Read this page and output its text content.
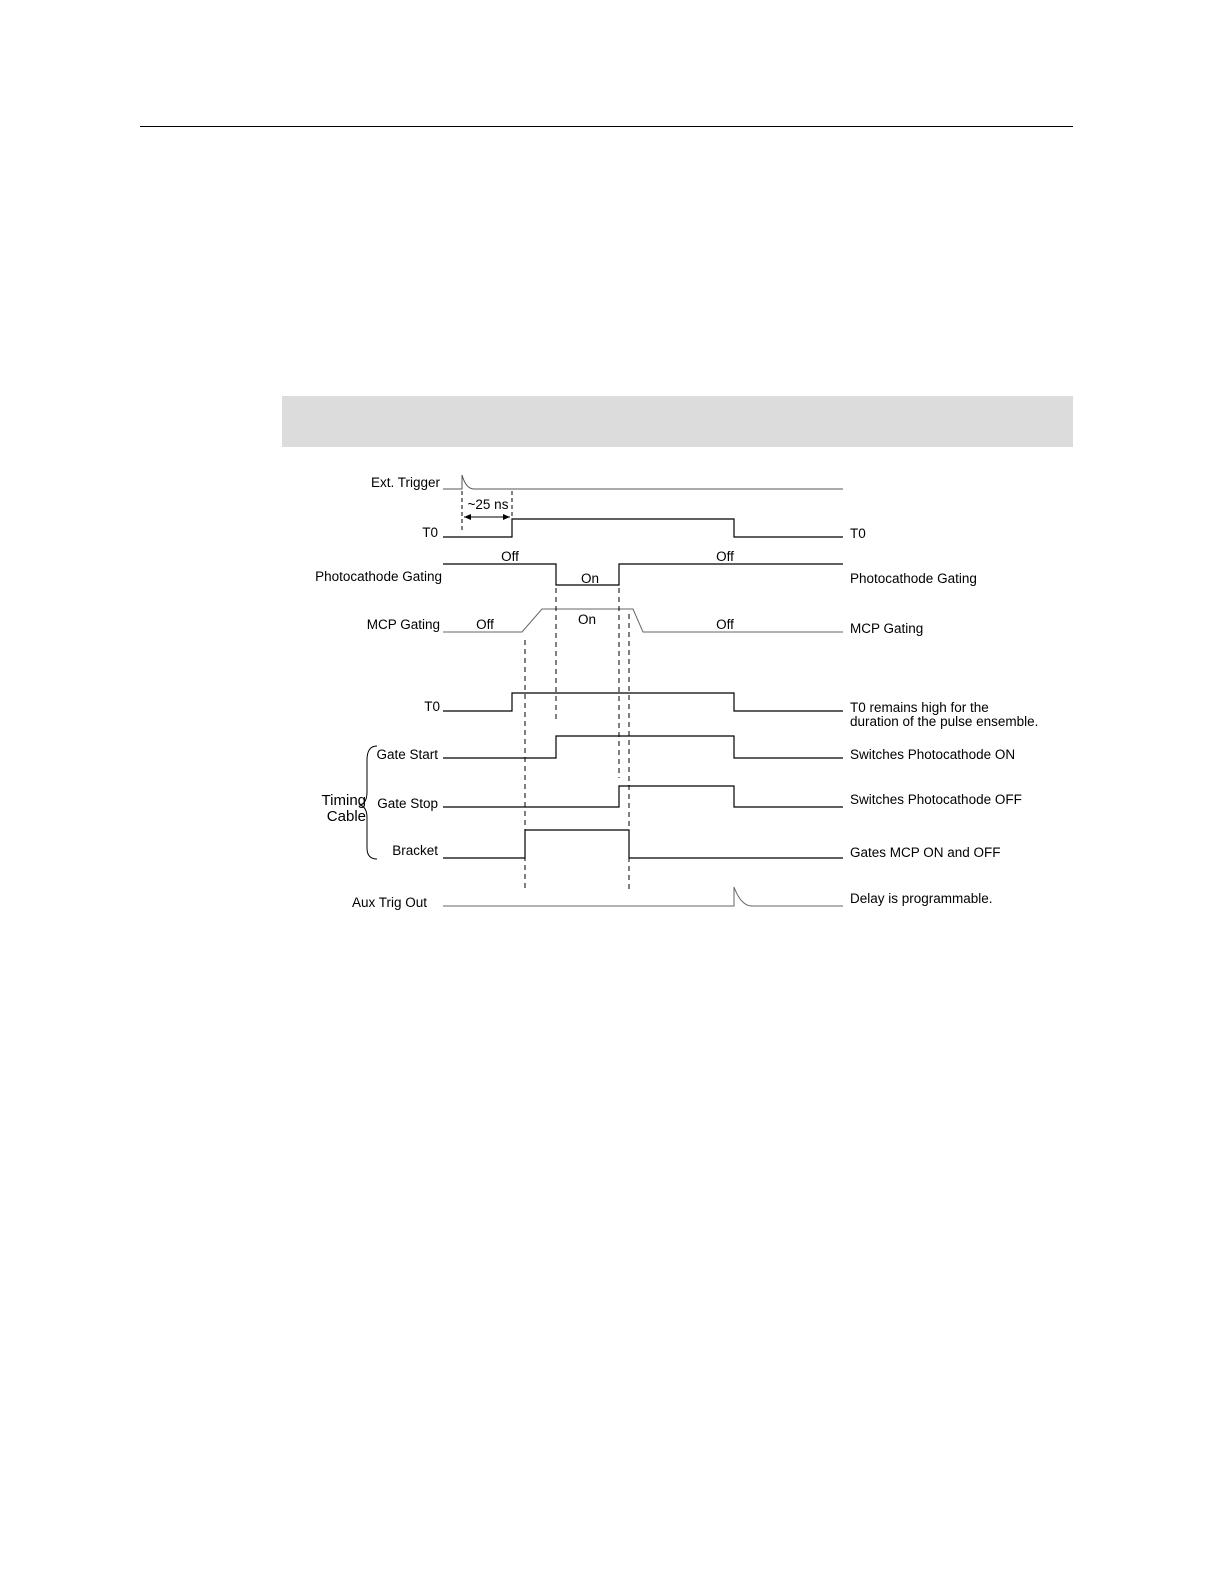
Ext. Trigger
T0
Photocathode Gating
MCP Gating
T0
Gate Start
Gate Stop
Bracket
Aux Trig Out
Timing
Cable
Off
On
Off
Off	On	Off
~25 ns
T0
Photocathode Gating
MCP Gating
T0 remains high for the
duration of the pulse ensemble.
Switches Photocathode ON
Switches Photocathode OFF
Gates MCP ON and OFF
Delay is programmable.
